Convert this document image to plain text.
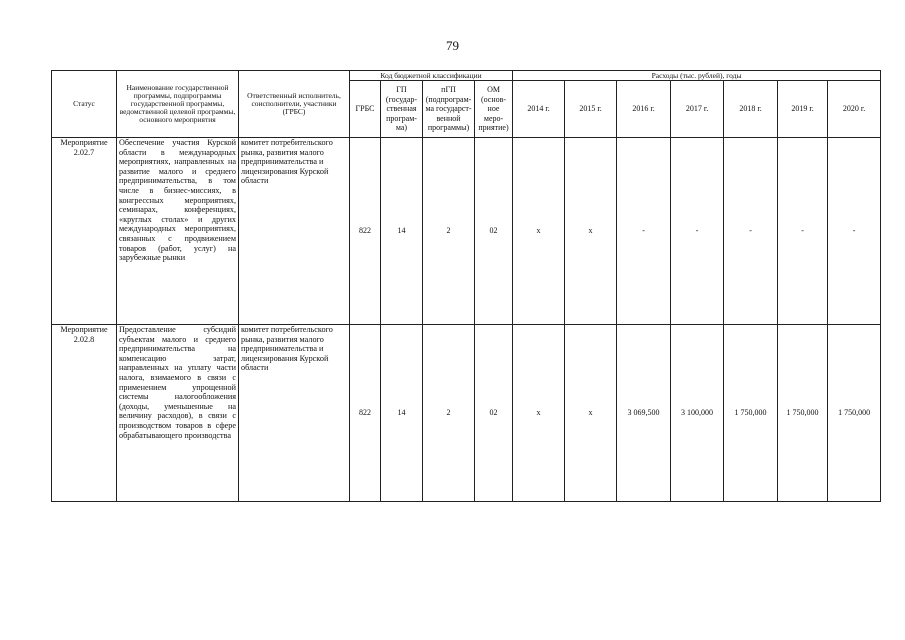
79
Статус	Наименование государственной программы, подпрограммы государственной программы, ведомственной целевой программы, основного мероприятия	Ответственный исполнитель, соисполнители, участники (ГРБС)	Код бюджетной классификации				Расходы (тыс. рублей), годы						
			ГРБС	ГП (государ-ственная програм-ма)	пГП (подпрограм-ма государст-венной программы)	ОМ (основ-ное меро-приятие)	2014 г.	2015 г.	2016 г.	2017 г.	2018 г.	2019 г.	2020 г.
Мероприятие 2.02.7	Обеспечение участия Курской области в международных мероприятиях, направленных на развитие малого и среднего предпринимательства, в том числе в бизнес-миссиях, в конгрессных мероприятиях, семинарах, конференциях, «круглых столах» и других международных мероприятиях, связанных с продвижением товаров (работ, услуг) на зарубежные рынки	комитет потребительского рынка, развития малого предпринимательства и лицензирования Курской области	822	14	2	02	х	х	-	-	-	-	-
Мероприятие 2.02.8	Предоставление субсидий субъектам малого и среднего предпринимательства на компенсацию затрат, направленных на уплату части налога, взимаемого в связи с применением упрощенной системы налогообложения (доходы, уменьшенные на величину расходов), в связи с производством товаров в сфере обрабатывающего производства	комитет потребительского рынка, развития малого предпринимательства и лицензирования Курской области	822	14	2	02	х	х	3 069,500	3 100,000	1 750,000	1 750,000	1 750,000
